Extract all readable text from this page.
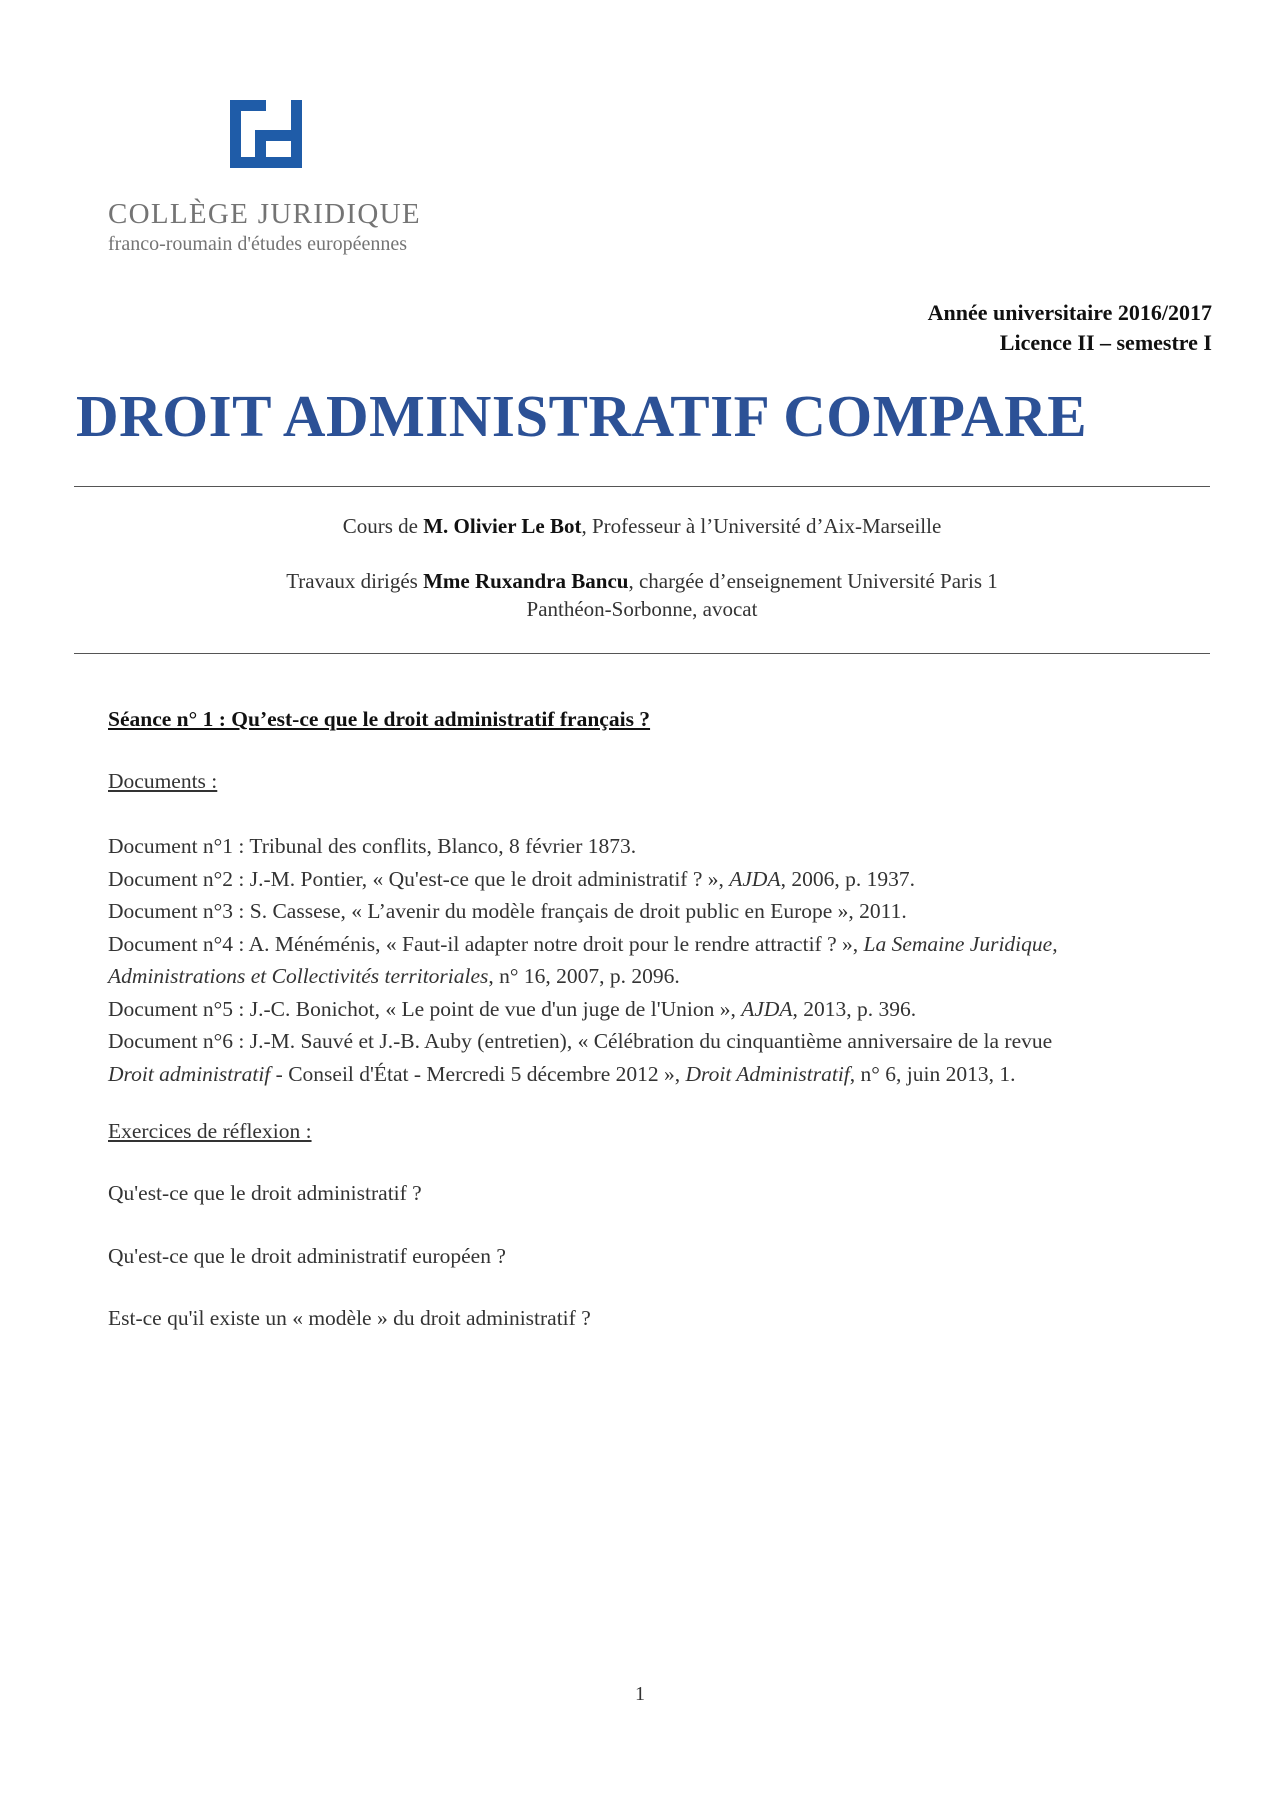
COLLÈGE JURIDIQUE
franco-roumain d'études européennes
Année universitaire 2016/2017
Licence II – semestre I
DROIT ADMINISTRATIF COMPARE
Cours de M. Olivier Le Bot, Professeur à l’Université d’Aix-Marseille
Travaux dirigés Mme Ruxandra Bancu, chargée d’enseignement Université Paris 1
Panthéon-Sorbonne, avocat
Séance n° 1 : Qu’est-ce que le droit administratif français ?
Documents :
Document n°1 : Tribunal des conflits, Blanco, 8 février 1873.
Document n°2 : J.-M. Pontier, « Qu'est-ce que le droit administratif ? », AJDA, 2006, p. 1937.
Document n°3 : S. Cassese, « L’avenir du modèle français de droit public en Europe », 2011.
Document n°4 : A. Ménéménis, « Faut-il adapter notre droit pour le rendre attractif ? », La Semaine Juridique,
Administrations et Collectivités territoriales, n° 16, 2007, p. 2096.
Document n°5 : J.-C. Bonichot, « Le point de vue d'un juge de l'Union », AJDA, 2013, p. 396.
Document n°6 : J.-M. Sauvé et J.-B. Auby (entretien), « Célébration du cinquantième anniversaire de la revue
Droit administratif - Conseil d'État - Mercredi 5 décembre 2012 », Droit Administratif, n° 6, juin 2013, 1.
Exercices de réflexion :
Qu'est-ce que le droit administratif ?
Qu'est-ce que le droit administratif européen ?
Est-ce qu'il existe un « modèle » du droit administratif ?
1
